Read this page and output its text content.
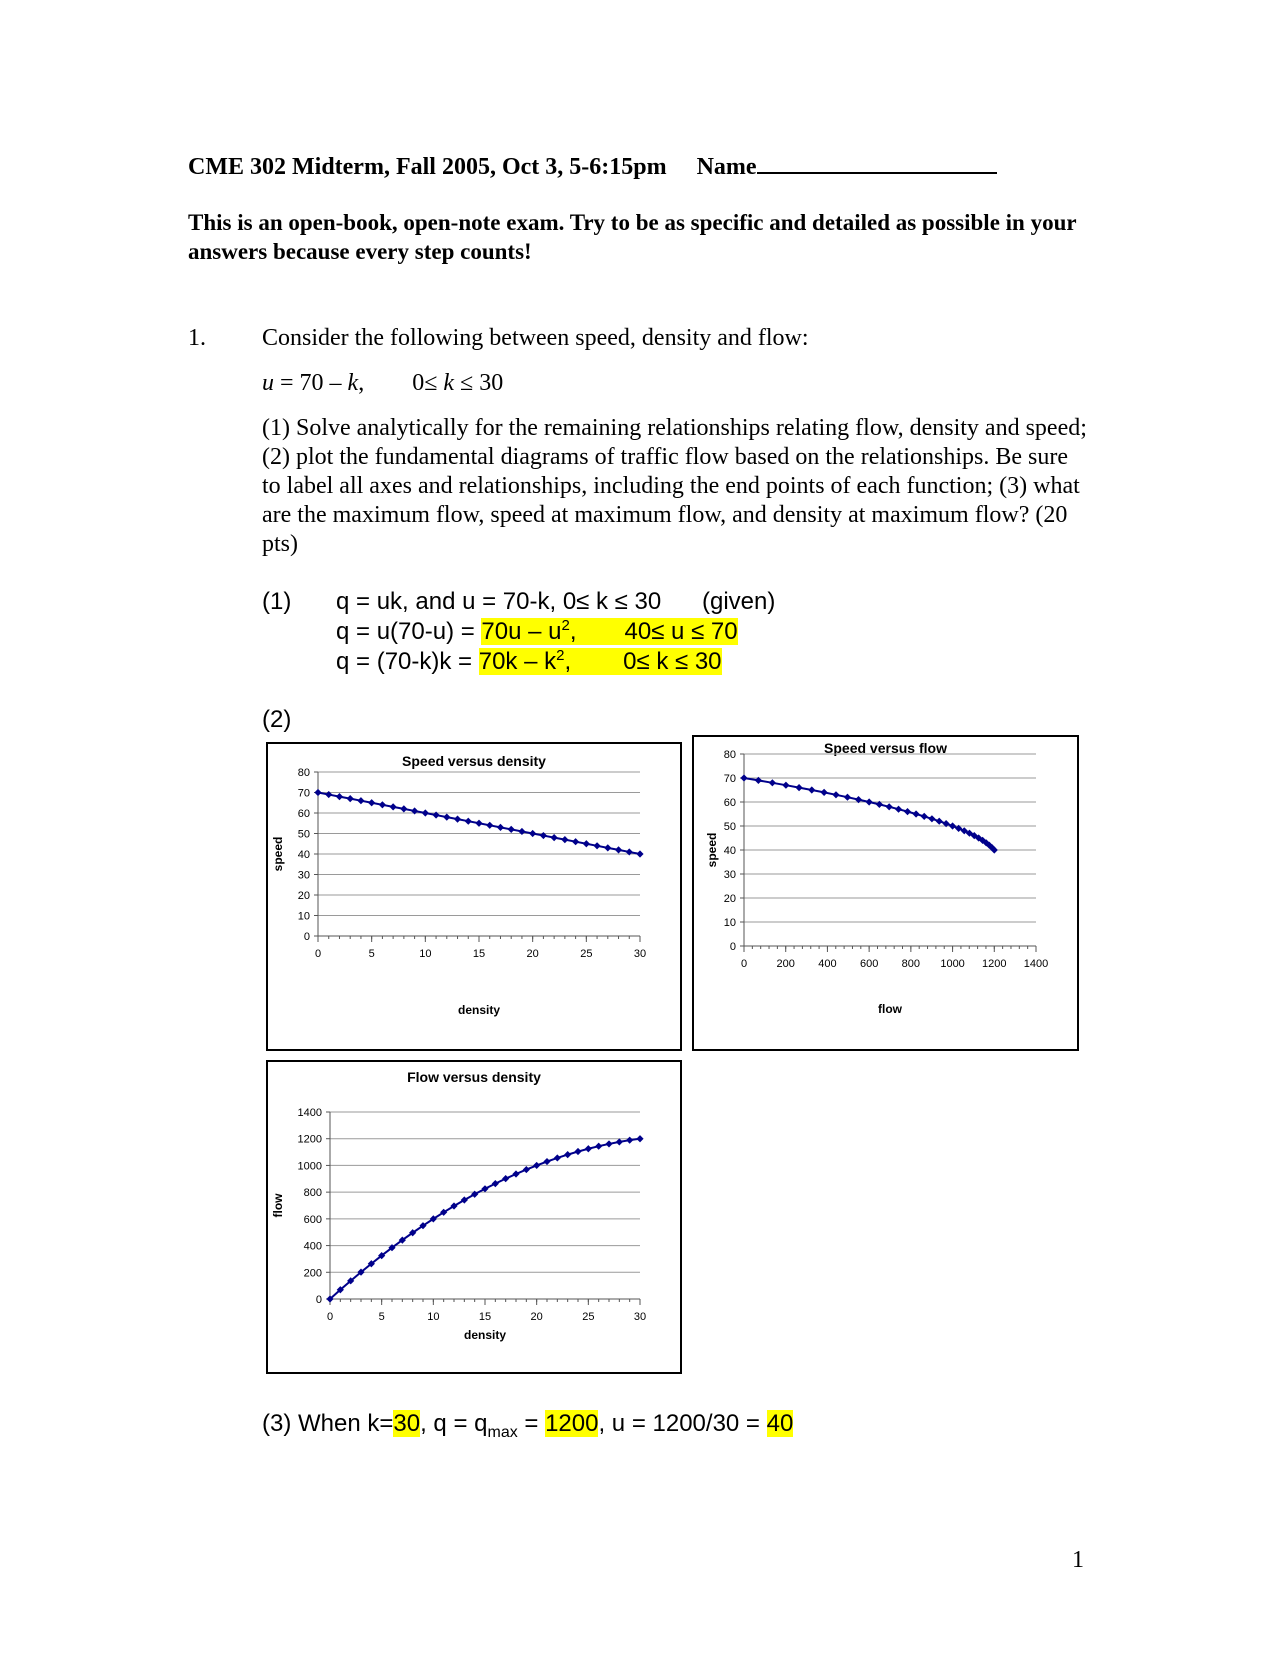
CME 302 Midterm, Fall 2005, Oct 3, 5-6:15pm Name
This is an open-book, open-note exam. Try to be as specific and detailed as possible in your answers because every step counts!
1. Consider the following between speed, density and flow:
u = 70 – k, 0≤ k ≤ 30
(1) Solve analytically for the remaining relationships relating flow, density and speed; (2) plot the fundamental diagrams of traffic flow based on the relationships. Be sure to label all axes and relationships, including the end points of each function; (3) what are the maximum flow, speed at maximum flow, and density at maximum flow? (20 pts)
(1) q = uk, and u = 70-k, 0≤ k ≤ 30 (given)
$q = u(70-u) = 70u - u^2$, 40≤ u ≤ 70
$q = (70-k)k = 70k - k^2$, 0≤ k ≤ 30
(2)
Speed versus density
0
10
20
30
40
50
60
70
80
0	5	10	15	20	25	30
density
speed
Speed versus flow
0
10
20
30
40
50
60
70
80
0	200 400 600 800 1000 1200 1400
flow
speed
Flow versus density
0
200
400
600
800
1000
1200
1400
0	5	10	15	20	25	30
density
flow
(3) When k=30, $q = q_{max} = 1200$, u = 1200/30 = 40
1
